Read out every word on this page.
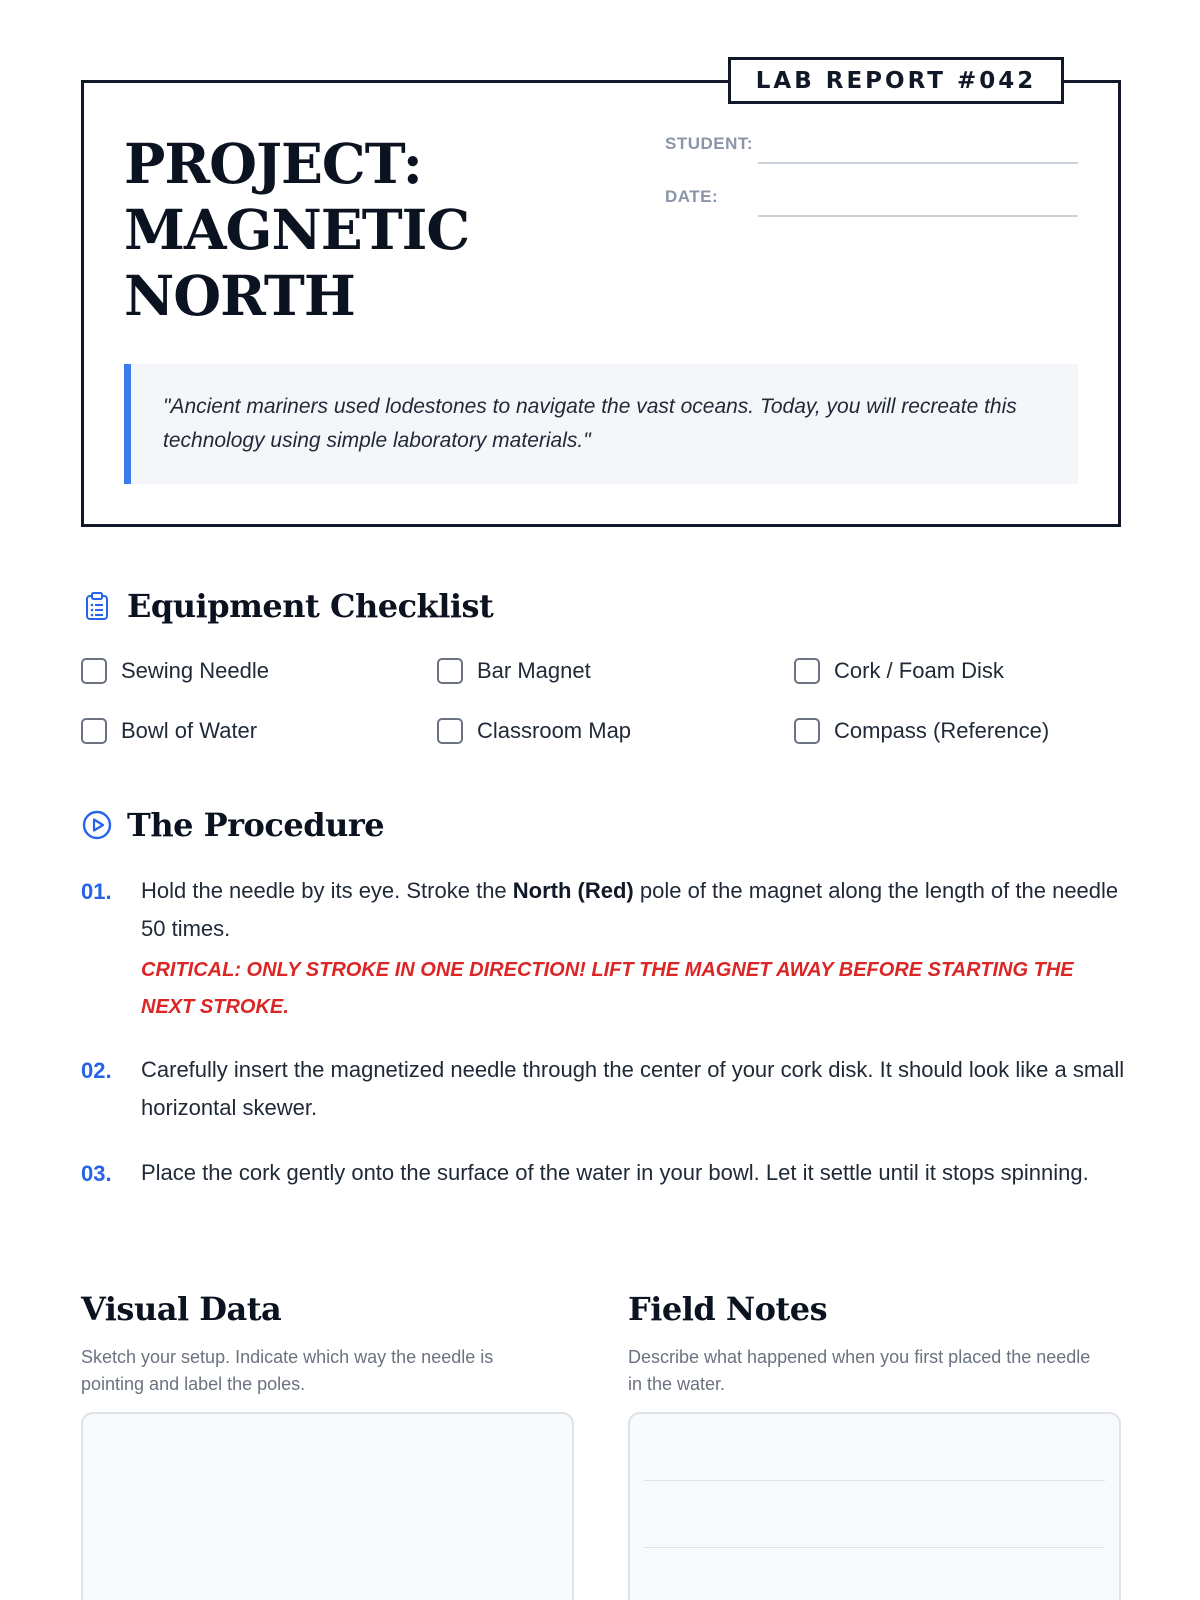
LAB REPORT #042
PROJECT:
MAGNETIC
NORTH
STUDENT:
DATE:
"Ancient mariners used lodestones to navigate the vast oceans. Today, you will recreate this technology using simple laboratory materials."
Equipment Checklist
Sewing Needle	Bar Magnet	Cork / Foam Disk
Bowl of Water	Classroom Map	Compass (Reference)
The Procedure
01. Hold the needle by its eye. Stroke the North (Red) pole of the magnet along the length of the needle 50 times.
CRITICAL: ONLY STROKE IN ONE DIRECTION! LIFT THE MAGNET AWAY BEFORE STARTING THE NEXT STROKE.
02. Carefully insert the magnetized needle through the center of your cork disk. It should look like a small horizontal skewer.
03. Place the cork gently onto the surface of the water in your bowl. Let it settle until it stops spinning.
Visual Data
Sketch your setup. Indicate which way the needle is pointing and label the poles.
Field Notes
Describe what happened when you first placed the needle in the water.
